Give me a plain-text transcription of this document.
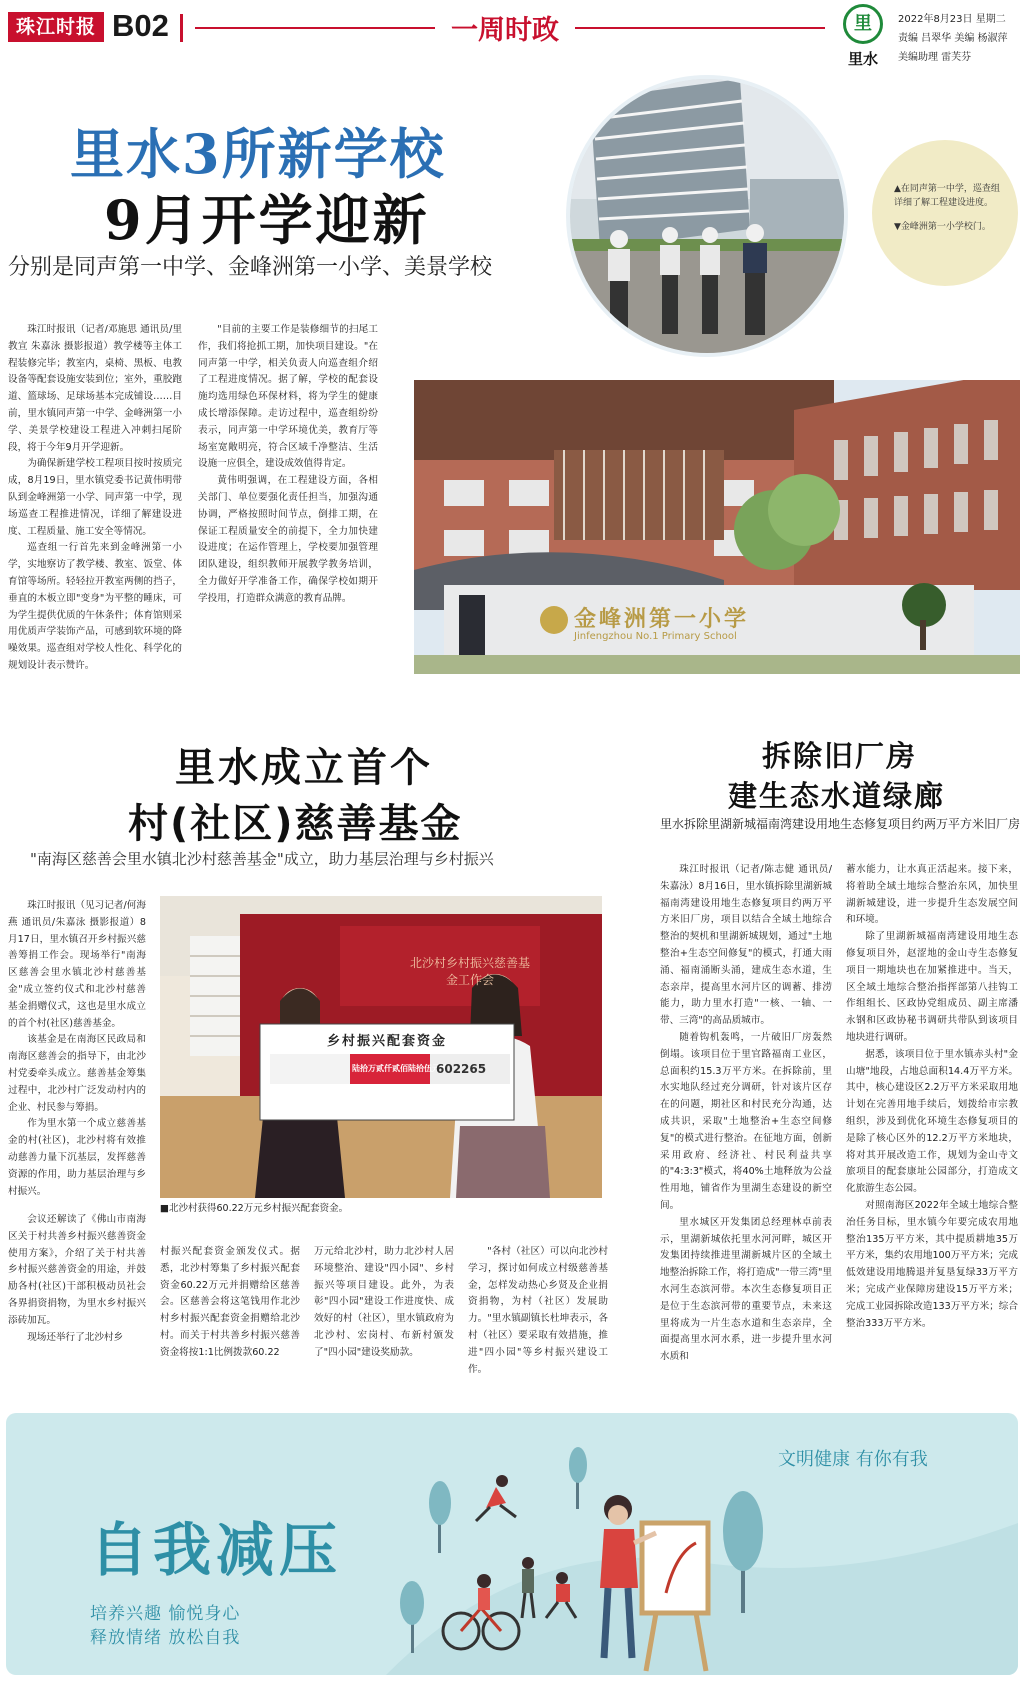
珠江时报 B02	一周时政	里
里水
2022年8月23日 星期二
责编 吕翠华 美编 杨淑萍
美编助理 雷芙芬
里水3所新学校
9月开学迎新
分别是同声第一中学、金峰洲第一小学、美景学校
▲在同声第一中学，巡查组详细了解工程建设进度。
▼金峰洲第一小学校门。
金峰洲第一小学
Jinfengzhou No.1 Primary School

珠江时报讯（记者/邓施思 通讯员/里教宣 朱嘉泳 摄影报道）教学楼等主体工程装修完毕；教室内，桌椅、黑板、电教设备等配套设施安装到位；室外，重胶跑道、篮球场、足球场基本完成铺设……目前，里水镇同声第一中学、金峰洲第一小学、美景学校建设工程进入冲刺扫尾阶段，将于今年9月开学迎新。

为确保新建学校工程项目按时按质完成，8月19日，里水镇党委书记黄伟明带队到金峰洲第一小学、同声第一中学，现场巡查工程推进情况，详细了解建设进度、工程质量、施工安全等情况。

巡查组一行首先来到金峰洲第一小学，实地察访了教学楼、教室、饭堂、体育馆等场所。轻轻拉开教室两侧的挡子，垂直的木板立即"变身"为平整的睡床，可为学生提供优质的午休条件；体育馆则采用优质声学装饰产品，可感到软环境的降噪效果。巡查组对学校人性化、科学化的规划设计表示赞许。

"目前的主要工作是装修细节的扫尾工作，我们将抢抓工期，加快项目建设。"在同声第一中学，相关负责人向巡查组介绍了工程进度情况。据了解，学校的配套设施均选用绿色环保材料，将为学生的健康成长增添保障。走访过程中，巡查组纷纷表示，同声第一中学环境优美，教育厅等场室宽敞明亮，符合区域千净整洁、生活设施一应俱全，建设成效值得肯定。

黄伟明强调，在工程建设方面，各相关部门、单位要强化责任担当，加强沟通协调，严格按照时间节点，倒排工期，在保证工程质量安全的前提下，全力加快建设进度；在运作管理上，学校要加强管理团队建设，组织教师开展教学教务培训，全力做好开学准备工作，确保学校如期开学投用，打造群众满意的教育品牌。

里水成立首个
村(社区)慈善基金
"南海区慈善会里水镇北沙村慈善基金"成立，助力基层治理与乡村振兴
北沙村乡村振兴慈善基金工作会
乡村振兴配套资金
陆拾万贰仟贰佰陆拾伍元整
602265
■北沙村获得60.22万元乡村振兴配套资金。

珠江时报讯（见习记者/何海燕 通讯员/朱嘉泳 摄影报道）8月17日，里水镇召开乡村振兴慈善筹捐工作会。现场举行"南海区慈善会里水镇北沙村慈善基金"成立签约仪式和北沙村慈善基金捐赠仪式，这也是里水成立的首个村(社区)慈善基金。

该基金是在南海区民政局和南海区慈善会的指导下，由北沙村党委牵头成立。慈善基金筹集过程中，北沙村广泛发动村内的企业、村民参与筹捐。

作为里水第一个成立慈善基金的村(社区)，北沙村将有效推动慈善力量下沉基层，发挥慈善资源的作用，助力基层治理与乡村振兴。

会议还解读了《佛山市南海区关于村共善乡村振兴慈善资金使用方案》，介绍了关于村共善乡村振兴慈善资金的用途，并鼓励各村(社区)干部积极动员社会各界捐资捐物，为里水乡村振兴添砖加瓦。

现场还举行了北沙村乡

村振兴配套资金颁发仪式。据悉，北沙村筹集了乡村振兴配套资金60.22万元并捐赠给区慈善会。区慈善会将这笔钱用作北沙村乡村振兴配套资金捐赠给北沙村。而关于村共善乡村振兴慈善资金将按1:1比例拨款60.22

万元给北沙村，助力北沙村人居环境整治、建设"四小园"、乡村振兴等项目建设。此外，为表彰"四小园"建设工作进度快、成效好的村（社区），里水镇政府为北沙村、宏岗村、布新村颁发了"四小园"建设奖励款。

"各村（社区）可以向北沙村学习，探讨如何成立村级慈善基金，怎样发动热心乡贤及企业捐资捐物，为村（社区）发展助力。"里水镇副镇长杜坤表示，各村（社区）要采取有效措施，推进"四小园"等乡村振兴建设工作。

拆除旧厂房
建生态水道绿廊
里水拆除里湖新城福南湾建设用地生态修复项目约两万平方米旧厂房

珠江时报讯（记者/陈志健 通讯员/朱嘉泳）8月16日，里水镇拆除里湖新城福南湾建设用地生态修复项目约两万平方米旧厂房，项目以结合全域土地综合整治的契机和里湖新城规划，通过"土地整治+生态空间修复"的模式，打通大雨涌、福南涌断头涌，建成生态水道，生态亲岸，提高里水河片区的调蓄、排涝能力，助力里水打造"一核、一轴、一带、三湾"的高品质城市。

随着钩机轰鸣，一片破旧厂房轰然倒塌。该项目位于里官路福南工业区，总面积约15.3万平方米。在拆除前，里水实地队经过充分调研，针对该片区存在的问题，期社区和村民充分沟通，达成共识，采取"土地整治+生态空间修复"的模式进行整治。在征地方面，创新采用政府、经济社、村民利益共享的"4:3:3"模式，将40%土地释放为公益性用地，铺省作为里湖生态建设的新空间。

里水城区开发集团总经理林卓前表示，里湖新城依托里水河河畔，城区开发集团持续推进里湖新城片区的全域土地整治拆除工作，将打造成"一带三湾"里水河生态滨河带。本次生态修复项目正是位于生态滨河带的重要节点，未来这里将成为一片生态水道和生态亲岸，全面提高里水河水系，进一步提升里水河水质和

蓄水能力，让水真正活起来。接下来，将着助全域土地综合整治东风，加快里湖新城建设，进一步提升生态发展空间和环境。

除了里湖新城福南湾建设用地生态修复项目外，赵涩地的金山寺生态修复项目一期地块也在加紧推进中。当天，区全域土地综合整治指挥部第八挂钩工作组组长、区政协党组成员、副主席潘永钢和区政协秘书调研共带队到该项目地块进行调研。

据悉，该项目位于里水镇赤头村"金山塘"地段，占地总面积14.4万平方米。其中，核心建设区2.2万平方米采取用地计划在完善用地手续后，划拨给市宗教组织，涉及到优化环境生态修复项目的是除了核心区外的12.2万平方米地块，将对其开展改造工作，规划为金山寺文旅项目的配套康址公园部分，打造成文化旅游生态公园。

对照南海区2022年全域土地综合整治任务目标，里水镇今年要完成农用地整治135万平方米，其中提质耕地35万平方米，集约农用地100万平方米；完成低效建设用地腾退并复垦复绿33万平方米；完成产业保障房建设15万平方米；完成工业园拆除改造133万平方米；综合整治333万平方米。

文明健康 有你有我
自我减压
培养兴趣 愉悦身心
释放情绪 放松自我
